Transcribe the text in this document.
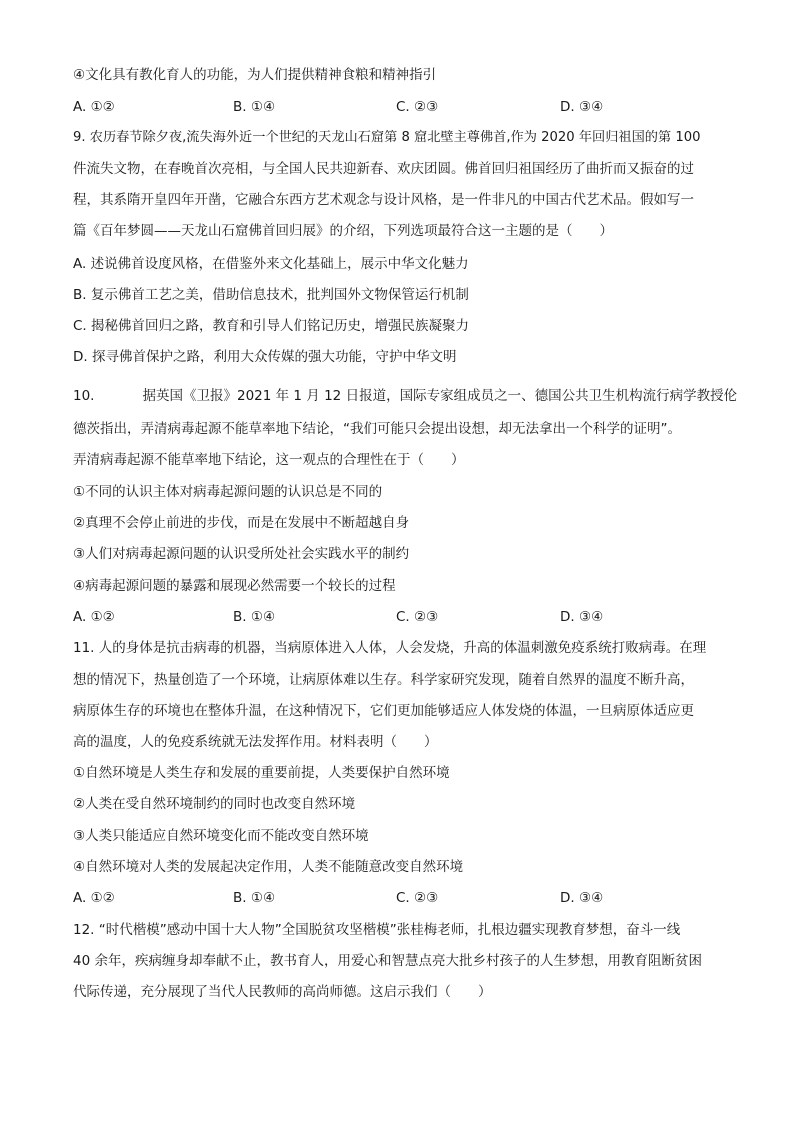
④文化具有教化育人的功能，为人们提供精神食粮和精神指引
A. ①②	B. ①④	C. ②③	D. ③④
9. 农历春节除夕夜,流失海外近一个世纪的天龙山石窟第 8 窟北壁主尊佛首,作为 2020 年回归祖国的第 100
件流失文物，在春晚首次亮相，与全国人民共迎新春、欢庆团圆。佛首回归祖国经历了曲折而又振奋的过
程，其系隋开皇四年开凿，它融合东西方艺术观念与设计风格，是一件非凡的中国古代艺术品。假如写一
篇《百年梦圆——天龙山石窟佛首回归展》的介绍，下列选项最符合这一主题的是（　　）
A. 述说佛首设度风格，在借鉴外来文化基础上，展示中华文化魅力
B. 复示佛首工艺之美，借助信息技术，批判国外文物保管运行机制
C. 揭秘佛首回归之路，教育和引导人们铭记历史，增强民族凝聚力
D. 探寻佛首保护之路，利用大众传媒的强大功能，守护中华文明
10.	据英国《卫报》2021 年 1 月 12 日报道，国际专家组成员之一、德国公共卫生机构流行病学教授伦
德茨指出，弄清病毒起源不能草率地下结论，“我们可能只会提出设想，却无法拿出一个科学的证明”。
弄清病毒起源不能草率地下结论，这一观点的合理性在于（　　）
①不同的认识主体对病毒起源问题的认识总是不同的
②真理不会停止前进的步伐，而是在发展中不断超越自身
③人们对病毒起源问题的认识受所处社会实践水平的制约
④病毒起源问题的暴露和展现必然需要一个较长的过程
A. ①②	B. ①④	C. ②③	D. ③④
11. 人的身体是抗击病毒的机器，当病原体进入人体，人会发烧，升高的体温刺激免疫系统打败病毒。在理
想的情况下，热量创造了一个环境，让病原体难以生存。科学家研究发现，随着自然界的温度不断升高，
病原体生存的环境也在整体升温，在这种情况下，它们更加能够适应人体发烧的体温，一旦病原体适应更
高的温度，人的免疫系统就无法发挥作用。材料表明（　　）
①自然环境是人类生存和发展的重要前提，人类要保护自然环境
②人类在受自然环境制约的同时也改变自然环境
③人类只能适应自然环境变化而不能改变自然环境
④自然环境对人类的发展起决定作用，人类不能随意改变自然环境
A. ①②	B. ①④	C. ②③	D. ③④
12. “时代楷模”感动中国十大人物”全国脱贫攻坚楷模”张桂梅老师，扎根边疆实现教育梦想，奋斗一线
40 余年，疾病缠身却奉献不止，教书育人，用爱心和智慧点亮大批乡村孩子的人生梦想，用教育阻断贫困
代际传递，充分展现了当代人民教师的高尚师德。这启示我们（　　）
